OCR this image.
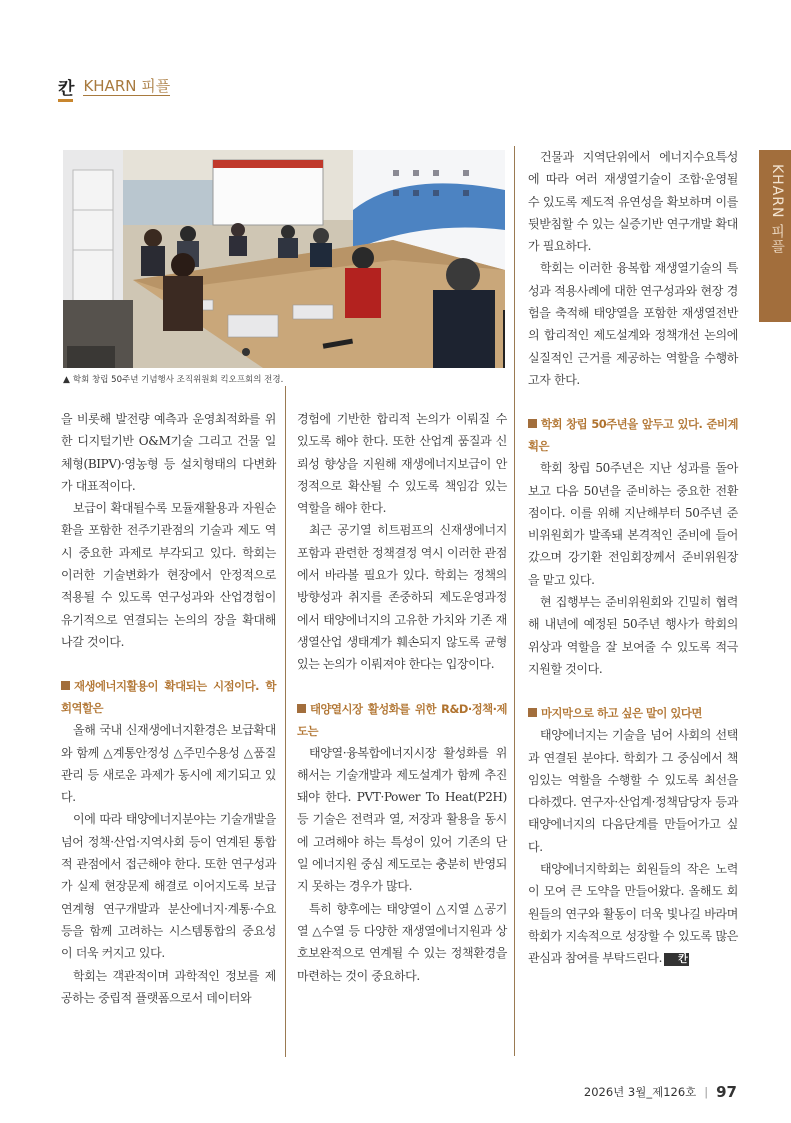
칸 KHARN 피플
KHARN 피플
▲ 학회 창립 50주년 기념행사 조직위원회 킥오프회의 전경.

을 비롯해 발전량 예측과 운영최적화를 위한 디지털기반 O&M기술 그리고 건물 일체형(BIPV)·영농형 등 설치형태의 다변화가 대표적이다.

보급이 확대될수록 모듈재활용과 자원순환을 포함한 전주기관점의 기술과 제도 역시 중요한 과제로 부각되고 있다. 학회는 이러한 기술변화가 현장에서 안정적으로 적용될 수 있도록 연구성과와 산업경험이 유기적으로 연결되는 논의의 장을 확대해 나갈 것이다.

재생에너지활용이 확대되는 시점이다. 학회역할은

올해 국내 신재생에너지환경은 보급확대와 함께 △계통안정성 △주민수용성 △품질관리 등 새로운 과제가 동시에 제기되고 있다.

이에 따라 태양에너지분야는 기술개발을 넘어 정책·산업·지역사회 등이 연계된 통합적 관점에서 접근해야 한다. 또한 연구성과가 실제 현장문제 해결로 이어지도록 보급연계형 연구개발과 분산에너지·계통·수요 등을 함께 고려하는 시스템통합의 중요성이 더욱 커지고 있다.

학회는 객관적이며 과학적인 정보를 제공하는 중립적 플랫폼으로서 데이터와

경험에 기반한 합리적 논의가 이뤄질 수 있도록 해야 한다. 또한 산업계 품질과 신뢰성 향상을 지원해 재생에너지보급이 안정적으로 확산될 수 있도록 책임감 있는 역할을 해야 한다.

최근 공기열 히트펌프의 신재생에너지 포함과 관련한 정책결정 역시 이러한 관점에서 바라볼 필요가 있다. 학회는 정책의 방향성과 취지를 존중하되 제도운영과정에서 태양에너지의 고유한 가치와 기존 재생열산업 생태계가 훼손되지 않도록 균형있는 논의가 이뤄져야 한다는 입장이다.

태양열시장 활성화를 위한 R&D·정책·제도는

태양열·융복합에너지시장 활성화를 위해서는 기술개발과 제도설계가 함께 추진돼야 한다. PVT·Power To Heat(P2H) 등 기술은 전력과 열, 저장과 활용을 동시에 고려해야 하는 특성이 있어 기존의 단일 에너지원 중심 제도로는 충분히 반영되지 못하는 경우가 많다.

특히 향후에는 태양열이 △지열 △공기열 △수열 등 다양한 재생열에너지원과 상호보완적으로 연계될 수 있는 정책환경을 마련하는 것이 중요하다.

건물과 지역단위에서 에너지수요특성에 따라 여러 재생열기술이 조합·운영될 수 있도록 제도적 유연성을 확보하며 이를 뒷받침할 수 있는 실증기반 연구개발 확대가 필요하다.

학회는 이러한 융복합 재생열기술의 특성과 적용사례에 대한 연구성과와 현장 경험을 축적해 태양열을 포함한 재생열전반의 합리적인 제도설계와 정책개선 논의에 실질적인 근거를 제공하는 역할을 수행하고자 한다.

학회 창립 50주년을 앞두고 있다. 준비계획은

학회 창립 50주년은 지난 성과를 돌아보고 다음 50년을 준비하는 중요한 전환점이다. 이를 위해 지난해부터 50주년 준비위원회가 발족돼 본격적인 준비에 들어갔으며 강기환 전임회장께서 준비위원장을 맡고 있다.

현 집행부는 준비위원회와 긴밀히 협력해 내년에 예정된 50주년 행사가 학회의 위상과 역할을 잘 보여줄 수 있도록 적극 지원할 것이다.

마지막으로 하고 싶은 말이 있다면

태양에너지는 기술을 넘어 사회의 선택과 연결된 분야다. 학회가 그 중심에서 책임있는 역할을 수행할 수 있도록 최선을 다하겠다. 연구자·산업계·정책담당자 등과 태양에너지의 다음단계를 만들어가고 싶다.

태양에너지학회는 회원들의 작은 노력이 모여 큰 도약을 만들어왔다. 올해도 회원들의 연구와 활동이 더욱 빛나길 바라며 학회가 지속적으로 성장할 수 있도록 많은 관심과 참여를 부탁드린다. 칸

2026년 3월_제126호 | 97
